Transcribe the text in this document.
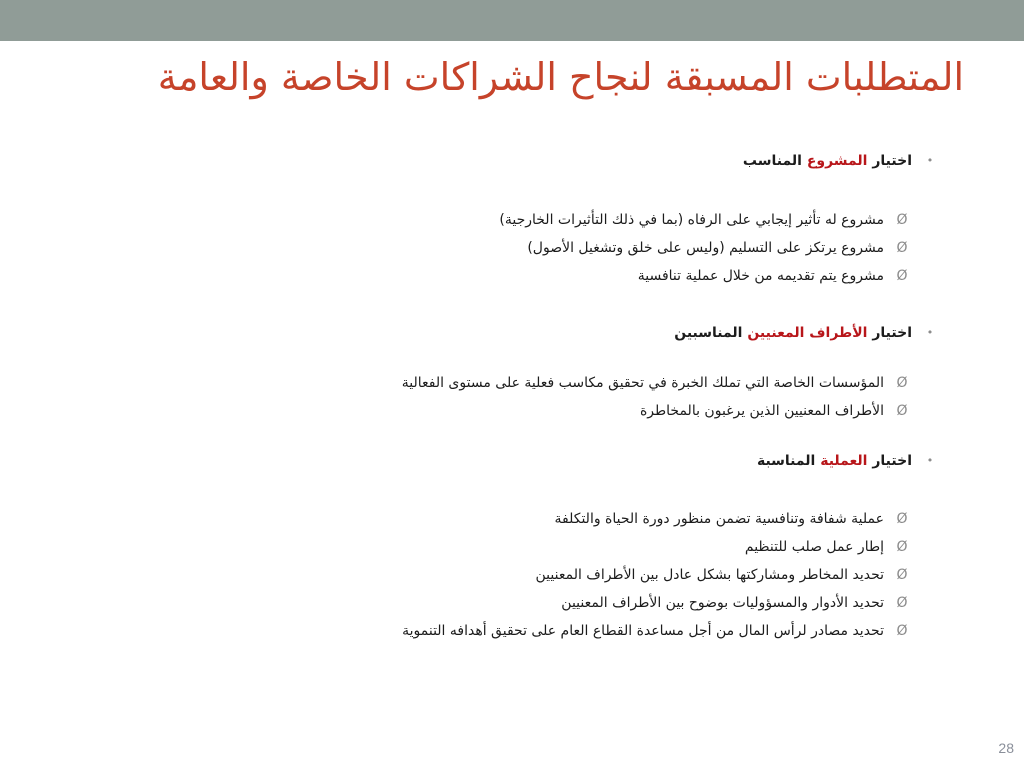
المتطلبات المسبقة لنجاح الشراكات الخاصة والعامة
•
اختيار المشروع المناسب
Ø
مشروع له تأثير إيجابي على الرفاه (بما في ذلك التأثيرات الخارجية)
Ø
مشروع يرتكز على التسليم (وليس على خلق وتشغيل الأصول)
Ø
مشروع يتم تقديمه من خلال عملية تنافسية
•
اختيار الأطراف المعنيين المناسبين
Ø
المؤسسات الخاصة التي تملك الخبرة في تحقيق مكاسب فعلية على مستوى الفعالية
Ø
الأطراف المعنيين الذين يرغبون بالمخاطرة
•
اختيار العملية المناسبة
Ø
عملية شفافة وتنافسية تضمن منظور دورة الحياة والتكلفة
Ø
إطار عمل صلب للتنظيم
Ø
تحديد المخاطر ومشاركتها بشكل عادل بين الأطراف المعنيين
Ø
تحديد الأدوار والمسؤوليات بوضوح بين الأطراف المعنيين
Ø
تحديد مصادر لرأس المال من أجل مساعدة القطاع العام على تحقيق أهدافه التنموية
28
